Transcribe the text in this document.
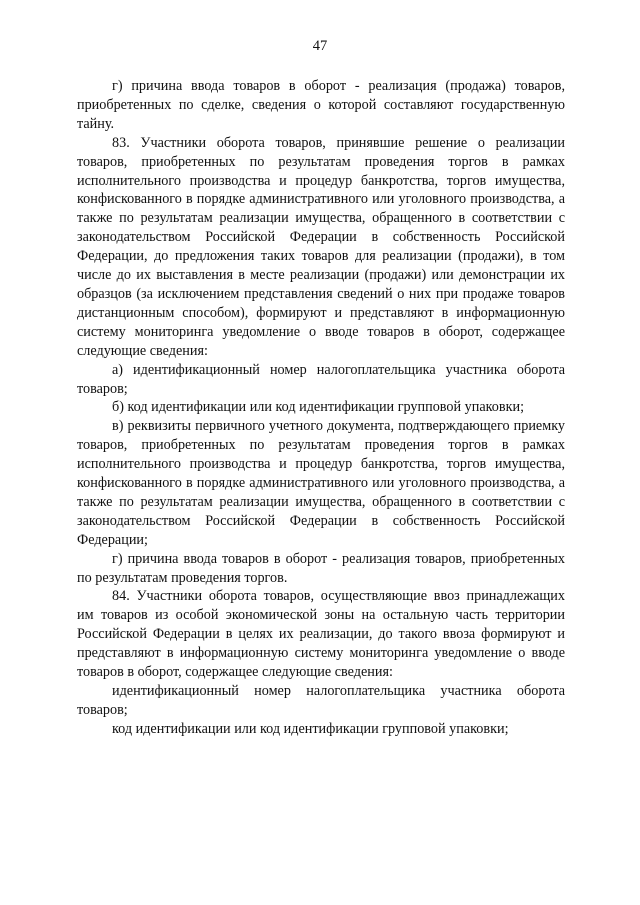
47

г) причина ввода товаров в оборот - реализация (продажа) товаров, приобретенных по сделке, сведения о которой составляют государственную тайну.

83. Участники оборота товаров, принявшие решение о реализации товаров, приобретенных по результатам проведения торгов в рамках исполнительного производства и процедур банкротства, торгов имущества, конфискованного в порядке административного или уголовного производства, а также по результатам реализации имущества, обращенного в соответствии с законодательством Российской Федерации в собственность Российской Федерации, до предложения таких товаров для реализации (продажи), в том числе до их выставления в месте реализации (продажи) или демонстрации их образцов (за исключением представления сведений о них при продаже товаров дистанционным способом), формируют и представляют в информационную систему мониторинга уведомление о вводе товаров в оборот, содержащее следующие сведения:

а) идентификационный номер налогоплательщика участника оборота товаров;

б) код идентификации или код идентификации групповой упаковки;

в) реквизиты первичного учетного документа, подтверждающего приемку товаров, приобретенных по результатам проведения торгов в рамках исполнительного производства и процедур банкротства, торгов имущества, конфискованного в порядке административного или уголовного производства, а также по результатам реализации имущества, обращенного в соответствии с законодательством Российской Федерации в собственность Российской Федерации;

г) причина ввода товаров в оборот - реализация товаров, приобретенных по результатам проведения торгов.

84. Участники оборота товаров, осуществляющие ввоз принадлежащих им товаров из особой экономической зоны на остальную часть территории Российской Федерации в целях их реализации, до такого ввоза формируют и представляют в информационную систему мониторинга уведомление о вводе товаров в оборот, содержащее следующие сведения:

идентификационный номер налогоплательщика участника оборота товаров;

код идентификации или код идентификации групповой упаковки;
